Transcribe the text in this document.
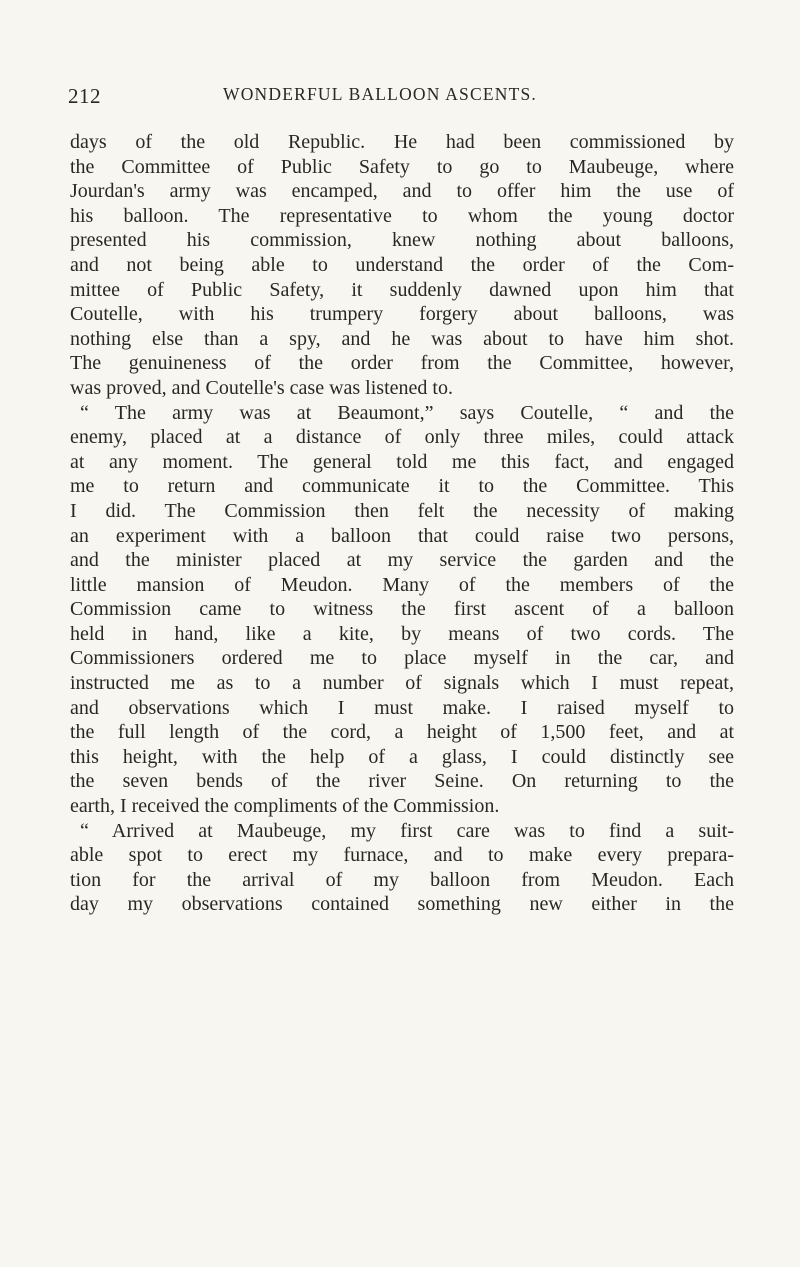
212	WONDERFUL BALLOON ASCENTS.
days of the old Republic. He had been commissioned by
the Committee of Public Safety to go to Maubeuge, where
Jourdan's army was encamped, and to offer him the use of
his balloon. The representative to whom the young doctor
presented his commission, knew nothing about balloons,
and not being able to understand the order of the Com-
mittee of Public Safety, it suddenly dawned upon him that
Coutelle, with his trumpery forgery about balloons, was
nothing else than a spy, and he was about to have him shot.
The genuineness of the order from the Committee, however,
was proved, and Coutelle's case was listened to.
“ The army was at Beaumont,” says Coutelle, “ and the
enemy, placed at a distance of only three miles, could attack
at any moment. The general told me this fact, and engaged
me to return and communicate it to the Committee. This
I did. The Commission then felt the necessity of making
an experiment with a balloon that could raise two persons,
and the minister placed at my service the garden and the
little mansion of Meudon. Many of the members of the
Commission came to witness the first ascent of a balloon
held in hand, like a kite, by means of two cords. The
Commissioners ordered me to place myself in the car, and
instructed me as to a number of signals which I must repeat,
and observations which I must make. I raised myself to
the full length of the cord, a height of 1,500 feet, and at
this height, with the help of a glass, I could distinctly see
the seven bends of the river Seine. On returning to the
earth, I received the compliments of the Commission.
“ Arrived at Maubeuge, my first care was to find a suit-
able spot to erect my furnace, and to make every prepara-
tion for the arrival of my balloon from Meudon. Each
day my observations contained something new either in the
